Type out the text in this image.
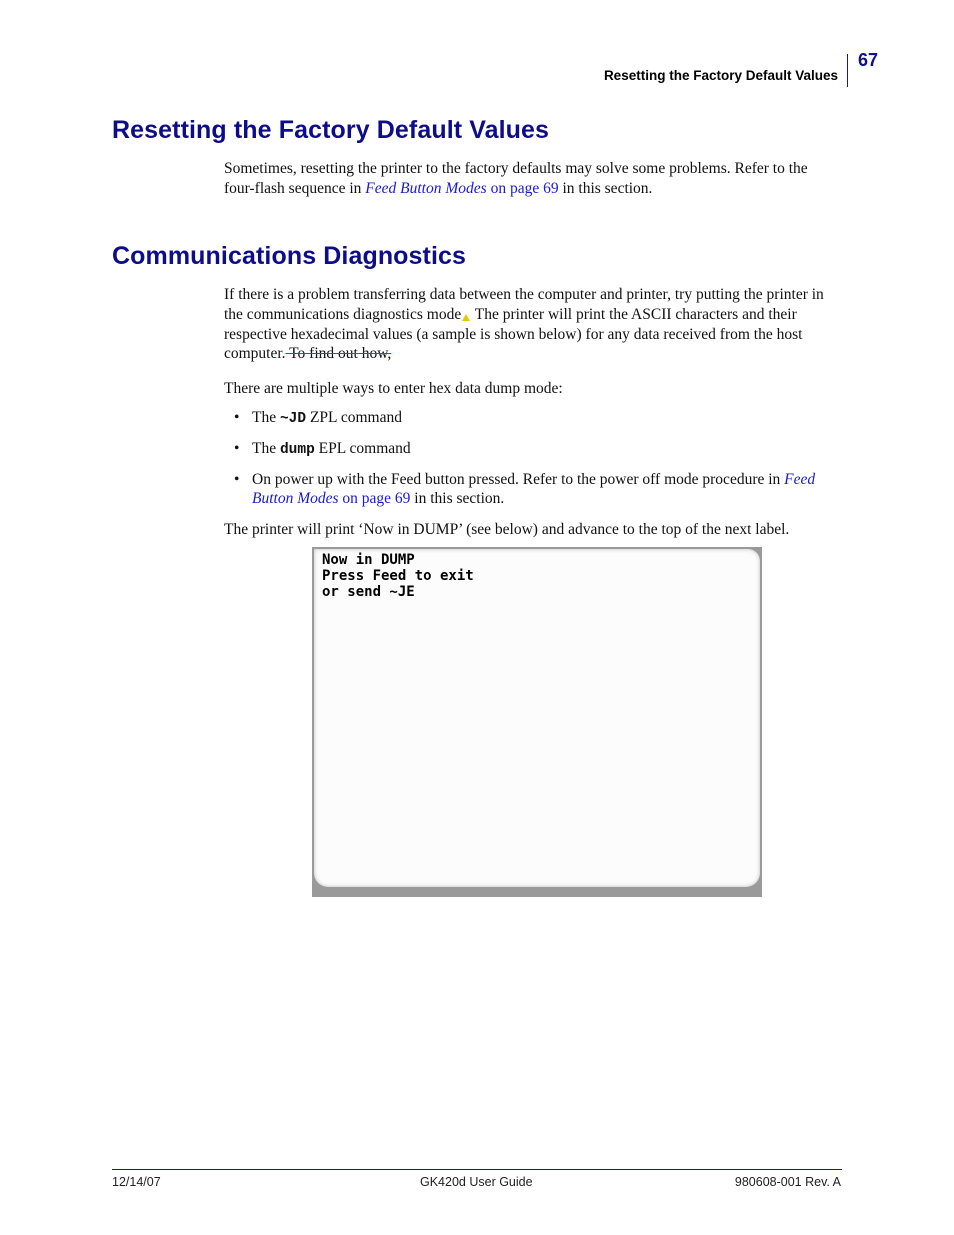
Resetting the Factory Default Values
67
Resetting the Factory Default Values

Sometimes, resetting the printer to the factory defaults may solve some problems. Refer to the four-flash sequence in Feed Button Modes on page 69 in this section.

Communications Diagnostics

If there is a problem transferring data between the computer and printer, try putting the printer in the communications diagnostics mode The printer will print the ASCII characters and their respective hexadecimal values (a sample is shown below) for any data received from the host computer. To find out how,

There are multiple ways to enter hex data dump mode:

• The ~JD ZPL command
• The dump EPL command
• On power up with the Feed button pressed. Refer to the power off mode procedure in Feed Button Modes on page 69 in this section.

The printer will print ‘Now in DUMP’ (see below) and advance to the top of the next label.

Now in DUMP
Press Feed to exit
or send ~JE
12/14/07	GK420d User Guide	980608-001 Rev. A
